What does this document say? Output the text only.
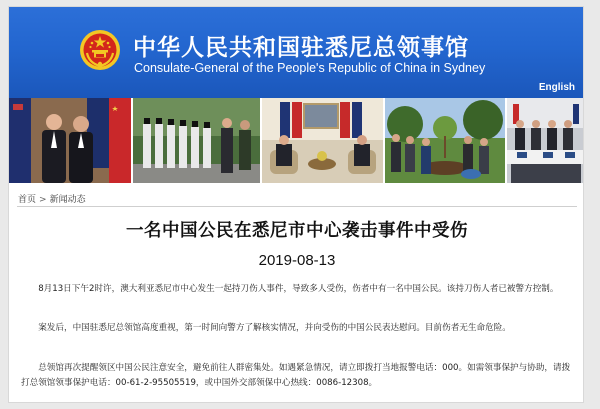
中华人民共和国驻悉尼总领事馆
Consulate-General of the People's Republic of China in Sydney
English
首页 > 新闻动态
一名中国公民在悉尼市中心袭击事件中受伤
2019-08-13

　　8月13日下午2时许，澳大利亚悉尼市中心发生一起持刀伤人事件，导致多人受伤，伤者中有一名中国公民。该持刀伤人者已被警方控制。

　　案发后，中国驻悉尼总领馆高度重视，第一时间向警方了解核实情况，并向受伤的中国公民表达慰问。目前伤者无生命危险。

　　总领馆再次提醒领区中国公民注意安全，避免前往人群密集处。如遇紧急情况，请立即拨打当地报警电话：000。如需领事保护与协助，请拨打总领馆领事保护电话：00-61-2-95505519，或中国外交部领保中心热线：0086-12308。
